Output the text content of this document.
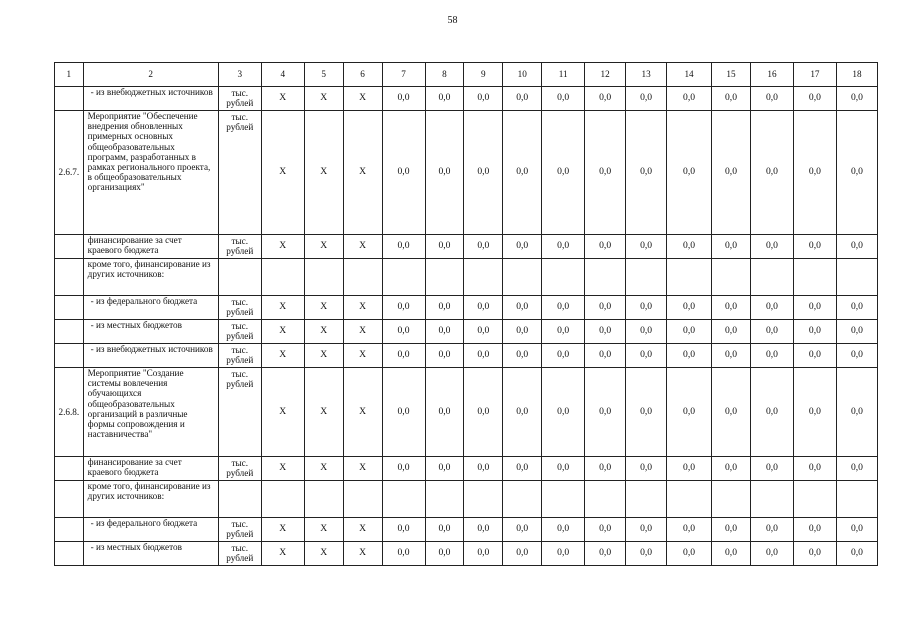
58
1	2	3	4	5	6	7	8	9	10	11	12	13	14	15	16	17	18
	- из внебюджетных источников	тыс. рублей	X	X	X	0,0	0,0	0,0	0,0	0,0	0,0	0,0	0,0	0,0	0,0	0,0	0,0
2.6.7.	Мероприятие "Обеспечение внедрения обновленных примерных основных общеобразовательных программ, разработанных в рамках регионального проекта, в общеобразовательных организациях"	тыс. рублей	X	X	X	0,0	0,0	0,0	0,0	0,0	0,0	0,0	0,0	0,0	0,0	0,0	0,0
	финансирование за счет краевого бюджета	тыс. рублей	X	X	X	0,0	0,0	0,0	0,0	0,0	0,0	0,0	0,0	0,0	0,0	0,0	0,0
	кроме того, финансирование из других источников:																
	- из федерального бюджета	тыс. рублей	X	X	X	0,0	0,0	0,0	0,0	0,0	0,0	0,0	0,0	0,0	0,0	0,0	0,0
	- из местных бюджетов	тыс. рублей	X	X	X	0,0	0,0	0,0	0,0	0,0	0,0	0,0	0,0	0,0	0,0	0,0	0,0
	- из внебюджетных источников	тыс. рублей	X	X	X	0,0	0,0	0,0	0,0	0,0	0,0	0,0	0,0	0,0	0,0	0,0	0,0
2.6.8.	Мероприятие "Создание системы вовлечения обучающихся общеобразовательных организаций в различные формы сопровождения и наставничества"	тыс. рублей	X	X	X	0,0	0,0	0,0	0,0	0,0	0,0	0,0	0,0	0,0	0,0	0,0	0,0
	финансирование за счет краевого бюджета	тыс. рублей	X	X	X	0,0	0,0	0,0	0,0	0,0	0,0	0,0	0,0	0,0	0,0	0,0	0,0
	кроме того, финансирование из других источников:																
	- из федерального бюджета	тыс. рублей	X	X	X	0,0	0,0	0,0	0,0	0,0	0,0	0,0	0,0	0,0	0,0	0,0	0,0
	- из местных бюджетов	тыс. рублей	X	X	X	0,0	0,0	0,0	0,0	0,0	0,0	0,0	0,0	0,0	0,0	0,0	0,0
